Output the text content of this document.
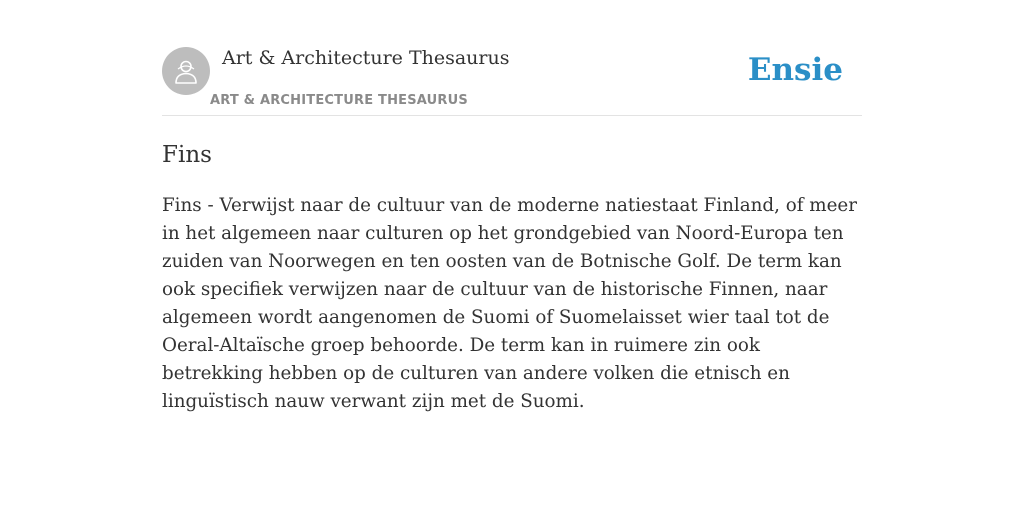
Art & Architecture Thesaurus
ART & ARCHITECTURE THESAURUS
Ensie
Fins

Fins - Verwijst naar de cultuur van de moderne natiestaat Finland, of meer in het algemeen naar culturen op het grondgebied van Noord-Europa ten zuiden van Noorwegen en ten oosten van de Botnische Golf. De term kan ook specifiek verwijzen naar de cultuur van de historische Finnen, naar algemeen wordt aangenomen de Suomi of Suomelaisset wier taal tot de Oeral-Altaïsche groep behoorde. De term kan in ruimere zin ook betrekking hebben op de culturen van andere volken die etnisch en linguïstisch nauw verwant zijn met de Suomi.
